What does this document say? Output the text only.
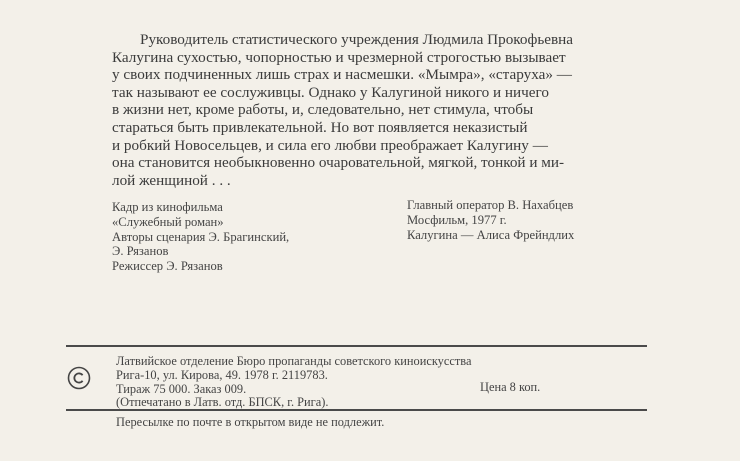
Руководитель статистического учреждения Людмила Прокофьевна
Калугина сухостью, чопорностью и чрезмерной строгостью вызывает
у своих подчиненных лишь страх и насмешки. «Мымра», «старуха» —
так называют ее сослуживцы. Однако у Калугиной никого и ничего
в жизни нет, кроме работы, и, следовательно, нет стимула, чтобы
стараться быть привлекательной. Но вот появляется неказистый
и робкий Новосельцев, и сила его любви преображает Калугину —
она становится необыкновенно очаровательной, мягкой, тонкой и ми-
лой женщиной . . .
Кадр из кинофильма
«Служебный роман»
Авторы сценария Э. Брагинский,
Э. Рязанов
Режиссер Э. Рязанов
Главный оператор В. Нахабцев
Мосфильм, 1977 г.
Калугина — Алиса Фрейндлих
Латвийское отделение Бюро пропаганды советского киноискусства
Рига-10, ул. Кирова, 49. 1978 г. 2119783.
Тираж 75 000. Заказ 009.
(Отпечатано в Латв. отд. БПСК, г. Рига).
Цена 8 коп.
Пересылке по почте в открытом виде не подлежит.
